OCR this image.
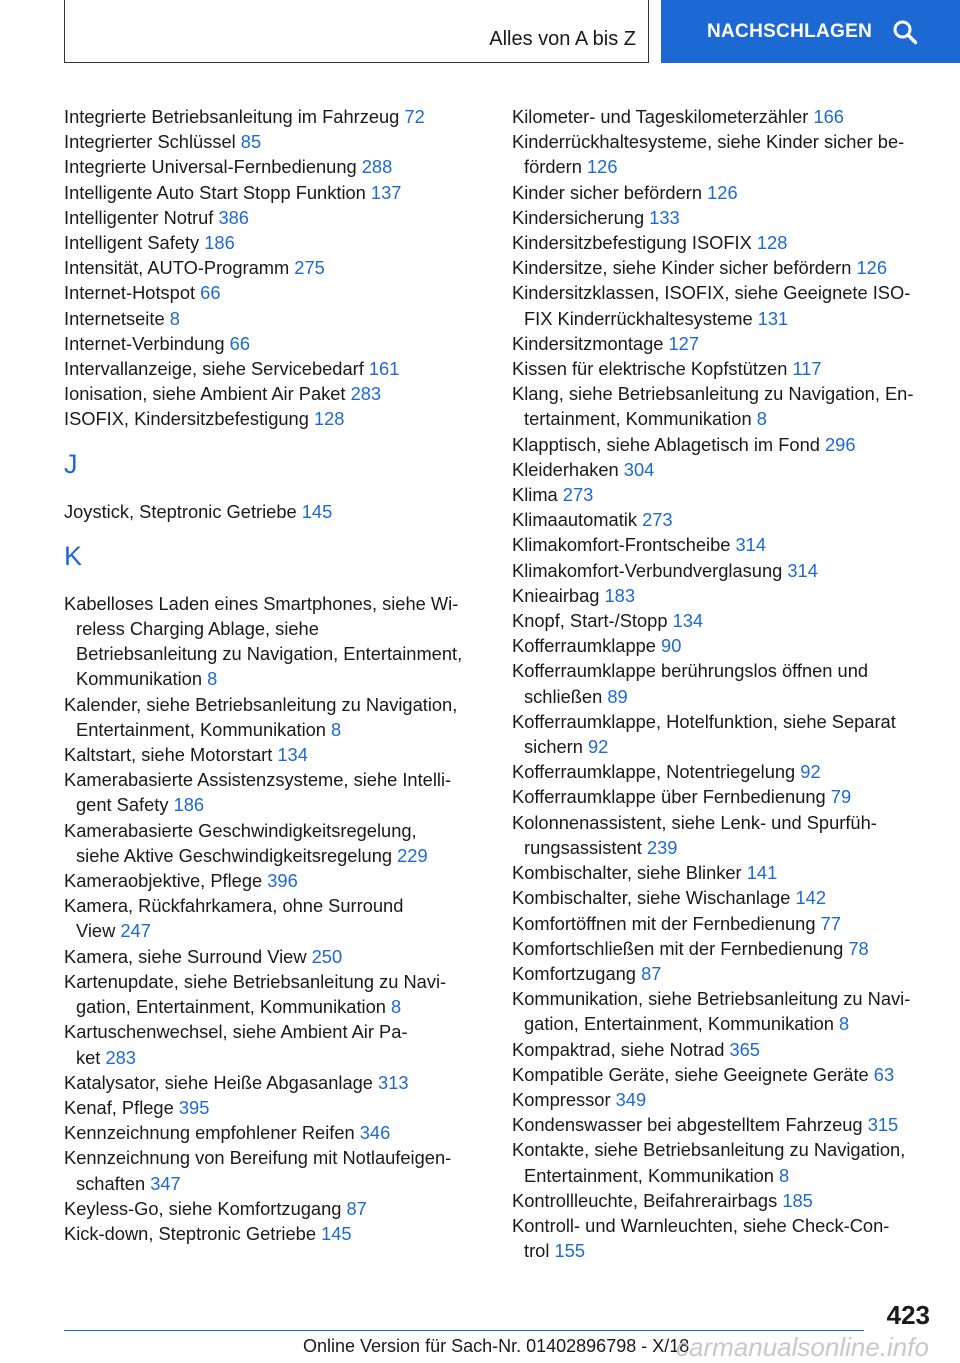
Alles von A bis Z	NACHSCHLAGEN
Integrierte Betriebsanleitung im Fahrzeug 72
Integrierter Schlüssel 85
Integrierte Universal-Fernbedienung 288
Intelligente Auto Start Stopp Funktion 137
Intelligenter Notruf 386
Intelligent Safety 186
Intensität, AUTO-Programm 275
Internet-Hotspot 66
Internetseite 8
Internet-Verbindung 66
Intervallanzeige, siehe Servicebedarf 161
Ionisation, siehe Ambient Air Paket 283
ISOFIX, Kindersitzbefestigung 128
J
Joystick, Steptronic Getriebe 145
K
Kabelloses Laden eines Smartphones, siehe Wi-
reless Charging Ablage, siehe
Betriebsanleitung zu Navigation, Entertainment,
Kommunikation 8
Kalender, siehe Betriebsanleitung zu Navigation,
Entertainment, Kommunikation 8
Kaltstart, siehe Motorstart 134
Kamerabasierte Assistenzsysteme, siehe Intelli-
gent Safety 186
Kamerabasierte Geschwindigkeitsregelung,
siehe Aktive Geschwindigkeitsregelung 229
Kameraobjektive, Pflege 396
Kamera, Rückfahrkamera, ohne Surround
View 247
Kamera, siehe Surround View 250
Kartenupdate, siehe Betriebsanleitung zu Navi-
gation, Entertainment, Kommunikation 8
Kartuschenwechsel, siehe Ambient Air Pa-
ket 283
Katalysator, siehe Heiße Abgasanlage 313
Kenaf, Pflege 395
Kennzeichnung empfohlener Reifen 346
Kennzeichnung von Bereifung mit Notlaufeigen-
schaften 347
Keyless-Go, siehe Komfortzugang 87
Kick-down, Steptronic Getriebe 145
Kilometer- und Tageskilometerzähler 166
Kinderrückhaltesysteme, siehe Kinder sicher be-
fördern 126
Kinder sicher befördern 126
Kindersicherung 133
Kindersitzbefestigung ISOFIX 128
Kindersitze, siehe Kinder sicher befördern 126
Kindersitzklassen, ISOFIX, siehe Geeignete ISO-
FIX Kinderrückhaltesysteme 131
Kindersitzmontage 127
Kissen für elektrische Kopfstützen 117
Klang, siehe Betriebsanleitung zu Navigation, En-
tertainment, Kommunikation 8
Klapptisch, siehe Ablagetisch im Fond 296
Kleiderhaken 304
Klima 273
Klimaautomatik 273
Klimakomfort-Frontscheibe 314
Klimakomfort-Verbundverglasung 314
Knieairbag 183
Knopf, Start-/Stopp 134
Kofferraumklappe 90
Kofferraumklappe berührungslos öffnen und
schließen 89
Kofferraumklappe, Hotelfunktion, siehe Separat
sichern 92
Kofferraumklappe, Notentriegelung 92
Kofferraumklappe über Fernbedienung 79
Kolonnenassistent, siehe Lenk- und Spurfüh-
rungsassistent 239
Kombischalter, siehe Blinker 141
Kombischalter, siehe Wischanlage 142
Komfortöffnen mit der Fernbedienung 77
Komfortschließen mit der Fernbedienung 78
Komfortzugang 87
Kommunikation, siehe Betriebsanleitung zu Navi-
gation, Entertainment, Kommunikation 8
Kompaktrad, siehe Notrad 365
Kompatible Geräte, siehe Geeignete Geräte 63
Kompressor 349
Kondenswasser bei abgestelltem Fahrzeug 315
Kontakte, siehe Betriebsanleitung zu Navigation,
Entertainment, Kommunikation 8
Kontrollleuchte, Beifahrerairbags 185
Kontroll- und Warnleuchten, siehe Check-Con-
trol 155
423
Online Version für Sach-Nr. 01402896798 - X/18
carmanualsonline.info
